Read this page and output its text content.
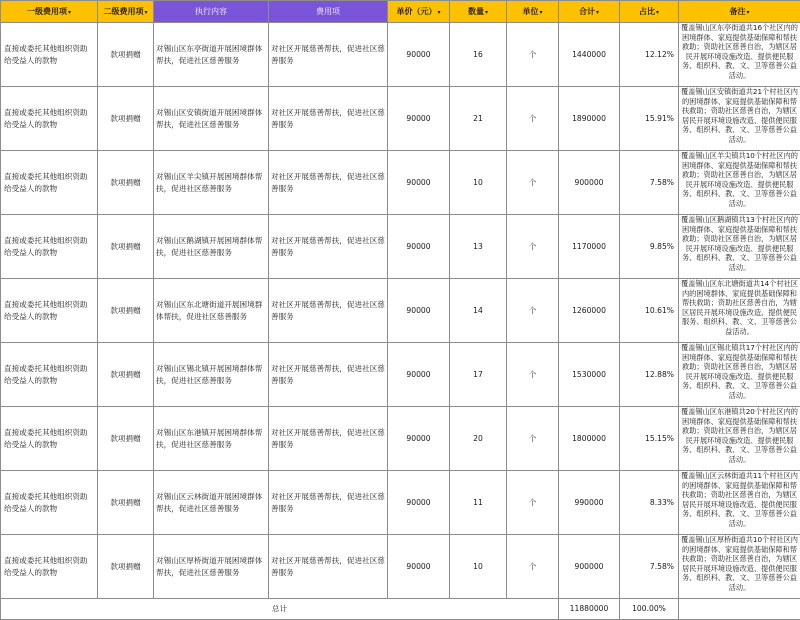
一级费用项▾	二级费用项▾	执行内容	费用项	单价（元）▾	数量▾	单位▾	合计▾	占比▾	备注▾
直接或委托其他组织资助给受益人的款物	款项捐赠	对锡山区东亭街道开展困境群体帮扶，促进社区慈善服务	对社区开展慈善帮扶，促进社区慈善服务	90000	16	个	1440000	12.12%	覆盖锡山区东亭街道共16个社区内的困境群体、家庭提供基础保障和帮扶救助；资助社区慈善自治，为辖区居民开展环境设施改造、提供便民服务、组织科、教、文、卫等慈善公益活动。
直接或委托其他组织资助给受益人的款物	款项捐赠	对锡山区安镇街道开展困境群体帮扶，促进社区慈善服务	对社区开展慈善帮扶，促进社区慈善服务	90000	21	个	1890000	15.91%	覆盖锡山区安镇街道共21个村社区内的困境群体、家庭提供基础保障和帮扶救助；资助社区慈善自治，为辖区居民开展环境设施改造、提供便民服务、组织科、教、文、卫等慈善公益活动。
直接或委托其他组织资助给受益人的款物	款项捐赠	对锡山区羊尖镇开展困境群体帮扶，促进社区慈善服务	对社区开展慈善帮扶，促进社区慈善服务	90000	10	个	900000	7.58%	覆盖锡山区羊尖镇共10个村社区内的困境群体、家庭提供基础保障和帮扶救助；资助社区慈善自治，为辖区居民开展环境设施改造、提供便民服务、组织科、教、文、卫等慈善公益活动。
直接或委托其他组织资助给受益人的款物	款项捐赠	对锡山区鹅湖镇开展困境群体帮扶，促进社区慈善服务	对社区开展慈善帮扶，促进社区慈善服务	90000	13	个	1170000	9.85%	覆盖锡山区鹅湖镇共13个村社区内的困境群体、家庭提供基础保障和帮扶救助；资助社区慈善自治，为辖区居民开展环境设施改造、提供便民服务、组织科、教、文、卫等慈善公益活动。
直接或委托其他组织资助给受益人的款物	款项捐赠	对锡山区东北塘街道开展困境群体帮扶，促进社区慈善服务	对社区开展慈善帮扶，促进社区慈善服务	90000	14	个	1260000	10.61%	覆盖锡山区东北塘街道共14个村社区内的困境群体、家庭提供基础保障和帮扶救助；资助社区慈善自治，为辖区居民开展环境设施改造、提供便民服务、组织科、教、文、卫等慈善公益活动。
直接或委托其他组织资助给受益人的款物	款项捐赠	对锡山区锡北镇开展困境群体帮扶，促进社区慈善服务	对社区开展慈善帮扶，促进社区慈善服务	90000	17	个	1530000	12.88%	覆盖锡山区锡北镇共17个村社区内的困境群体、家庭提供基础保障和帮扶救助；资助社区慈善自治，为辖区居民开展环境设施改造、提供便民服务、组织科、教、文、卫等慈善公益活动。
直接或委托其他组织资助给受益人的款物	款项捐赠	对锡山区东港镇开展困境群体帮扶，促进社区慈善服务	对社区开展慈善帮扶，促进社区慈善服务	90000	20	个	1800000	15.15%	覆盖锡山区东港镇共20个村社区内的困境群体、家庭提供基础保障和帮扶救助；资助社区慈善自治，为辖区居民开展环境设施改造、提供便民服务、组织科、教、文、卫等慈善公益活动。
直接或委托其他组织资助给受益人的款物	款项捐赠	对锡山区云林街道开展困境群体帮扶，促进社区慈善服务	对社区开展慈善帮扶，促进社区慈善服务	90000	11	个	990000	8.33%	覆盖锡山区云林街道共11个村社区内的困境群体、家庭提供基础保障和帮扶救助；资助社区慈善自治，为辖区居民开展环境设施改造、提供便民服务、组织科、教、文、卫等慈善公益活动。
直接或委托其他组织资助给受益人的款物	款项捐赠	对锡山区厚桥街道开展困境群体帮扶，促进社区慈善服务	对社区开展慈善帮扶，促进社区慈善服务	90000	10	个	900000	7.58%	覆盖锡山区厚桥街道共10个村社区内的困境群体、家庭提供基础保障和帮扶救助；资助社区慈善自治，为辖区居民开展环境设施改造、提供便民服务、组织科、教、文、卫等慈善公益活动。
总计							11880000	100.00%	
